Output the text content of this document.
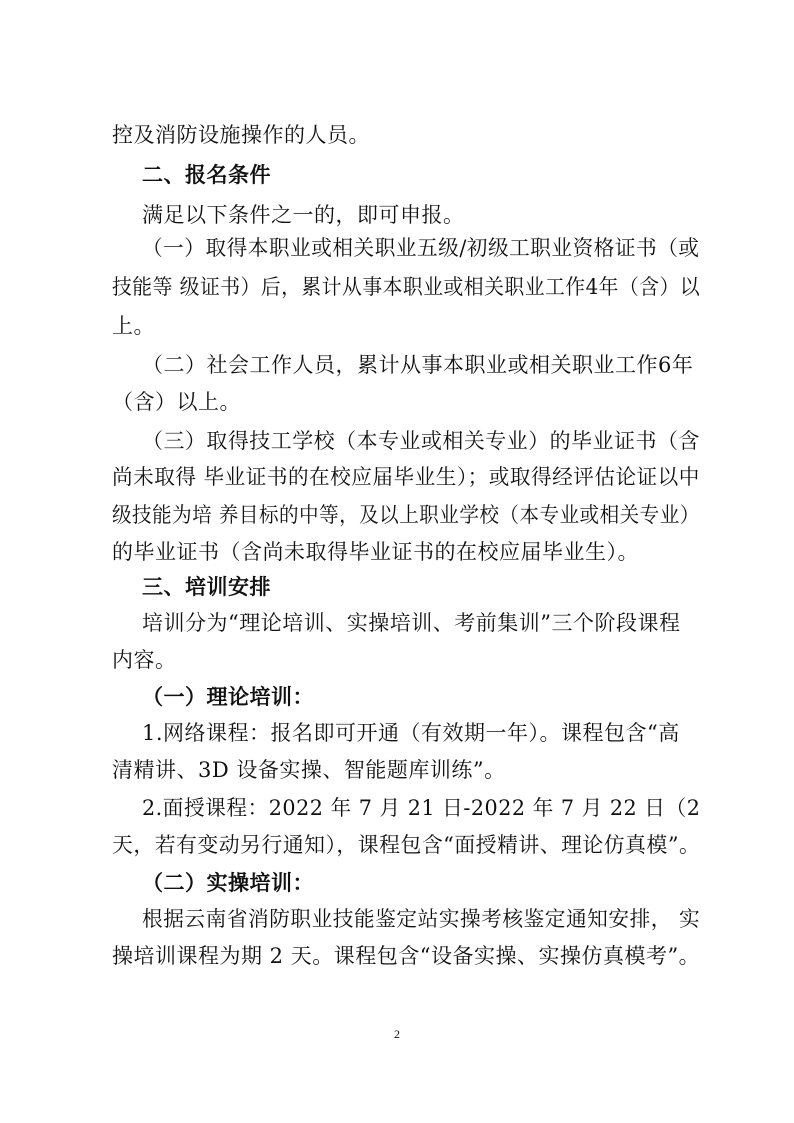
控及消防设施操作的人员。
二、报名条件
满足以下条件之一的，即可申报。
（一）取得本职业或相关职业五级/初级工职业资格证书（或
技能等 级证书）后，累计从事本职业或相关职业工作4年（含）以
上。
（二）社会工作人员，累计从事本职业或相关职业工作6年
（含）以上。
（三）取得技工学校（本专业或相关专业）的毕业证书（含
尚未取得 毕业证书的在校应届毕业生）；或取得经评估论证以中
级技能为培 养目标的中等，及以上职业学校（本专业或相关专业）
的毕业证书（含尚未取得毕业证书的在校应届毕业生）。
三、培训安排
培训分为“理论培训、实操培训、考前集训”三个阶段课程
内容。
（一）理论培训：
1.网络课程：报名即可开通（有效期一年）。课程包含“高
清精讲、3D 设备实操、智能题库训练”。
2.面授课程：2022 年 7 月 21 日-2022 年 7 月 22 日（2
天，若有变动另行通知），课程包含“面授精讲、理论仿真模”。
（二）实操培训：
根据云南省消防职业技能鉴定站实操考核鉴定通知安排， 实
操培训课程为期 2 天。课程包含“设备实操、实操仿真模考”。
2
